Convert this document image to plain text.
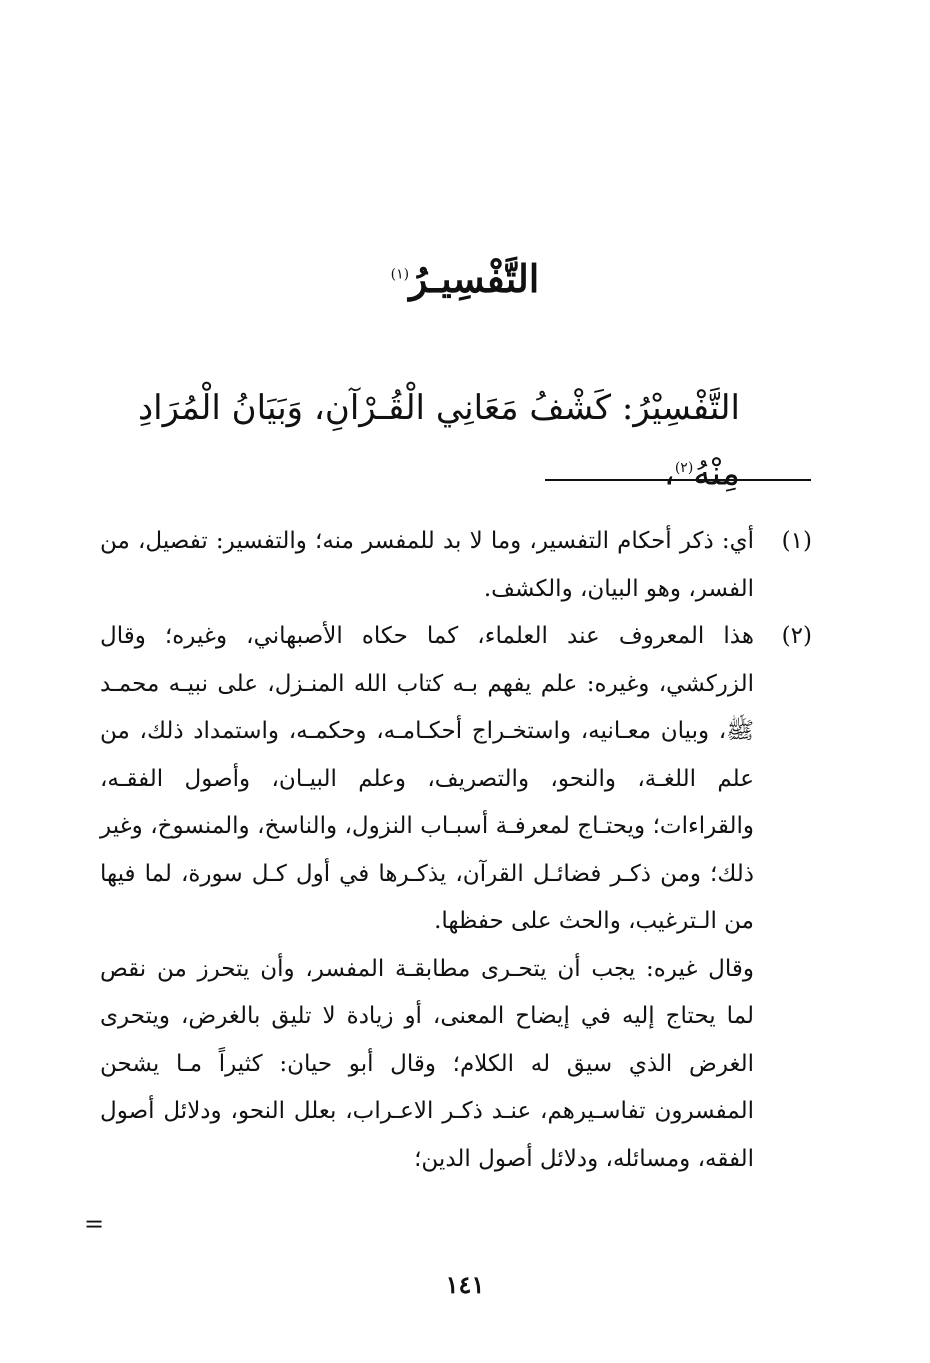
التَّفْسِيـرُ$^{(١)}$
التَّفْسِيْرُ: كَشْفُ مَعَانِي الْقُـرْآنِ، وَبَيَانُ الْمُرَادِ مِنْهُ$^{(٢)}$،
(١)
أي: ذكر أحكام التفسير، وما لا بد للمفسر منه؛ والتفسير: تفصيل، من الفسر، وهو البيان، والكشف.
(٢)
هذا المعروف عند العلماء، كما حكاه الأصبهاني، وغيره؛ وقال الزركشي، وغيره: علم يفهم بـه كتاب الله المنـزل، على نبيـه محمـد ﷺ، وبيان معـانيه، واستخـراج أحكـامـه، وحكمـه، واستمداد ذلك، من علم اللغـة، والنحو، والتصريف، وعلم البيـان، وأصول الفقـه، والقراءات؛ ويحتـاج لمعرفـة أسبـاب النزول، والناسخ، والمنسوخ، وغير ذلك؛ ومن ذكـر فضائـل القرآن، يذكـرها في أول كـل سورة، لما فيها من الـترغيب، والحث على حفظها.
وقال غيره: يجب أن يتحـرى مطابقـة المفسر، وأن يتحرز من نقص لما يحتاج إليه في إيضاح المعنى، أو زيادة لا تليق بالغرض، ويتحرى الغرض الذي سيق له الكلام؛ وقال أبو حيان: كثيراً مـا يشحن المفسرون تفاسـيرهم، عنـد ذكـر الاعـراب، بعلل النحو، ودلائل أصول الفقه، ومسائله، ودلائل أصول الدين؛
=
١٤١
